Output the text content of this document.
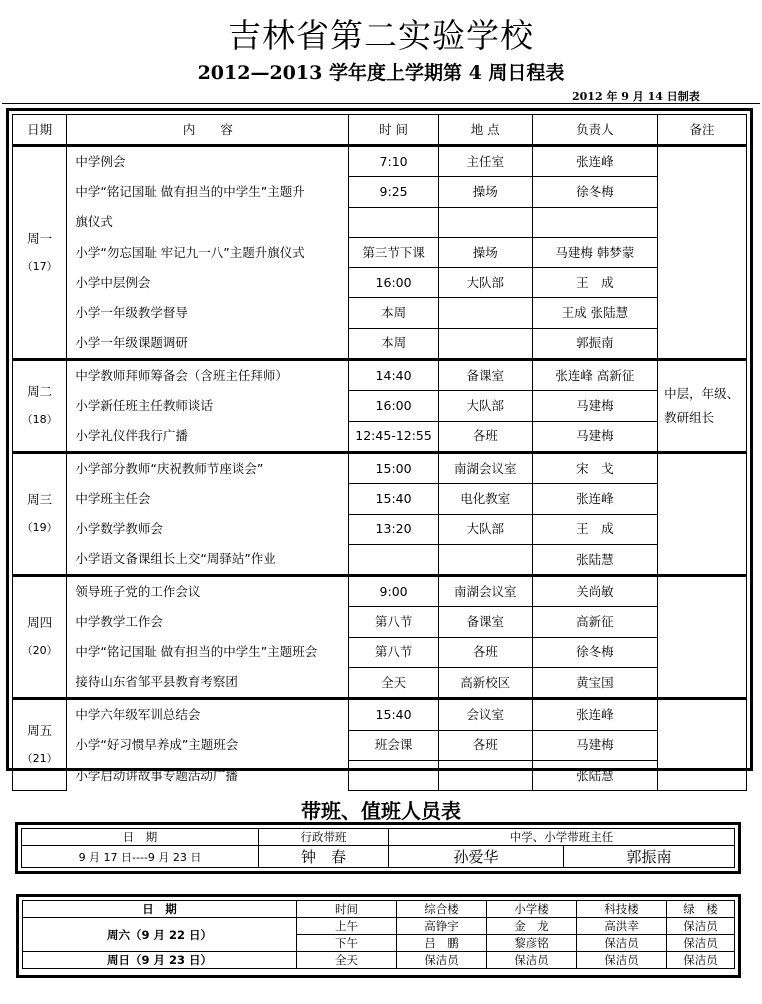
吉林省第二实验学校
2012—2013 学年度上学期第 4 周日程表
2012 年 9 月 14 日制表
日期	内　　容	时 间	地 点	负责人	备注

周一
（17）	中学例会	7:10	主任室	张连峰	
	中学“铭记国耻 做有担当的中学生”主题升	9:25	操场	徐冬梅	
	旗仪式				
	小学“勿忘国耻 牢记九一八”主题升旗仪式	第三节下课	操场	马建梅 韩梦蒙	
	小学中层例会	16:00	大队部	王　成	
	小学一年级教学督导	本周		王成 张陆慧	
	小学一年级课题调研	本周		郭振南	

周二
（18）	中学教师拜师筹备会（含班主任拜师）	14:40	备课室	张连峰 高新征	中层，年级、
教研组长

	小学新任班主任教师谈话	16:00	大队部	马建梅	
	小学礼仪伴我行广播	12:45-12:55	各班	马建梅	

周三
（19）	小学部分教师“庆祝教师节座谈会”	15:00	南湖会议室	宋　戈	
	中学班主任会	15:40	电化教室	张连峰	
	小学数学教师会	13:20	大队部	王　成	
	小学语文备课组长上交“周驿站”作业			张陆慧	

周四
（20）	领导班子党的工作会议	9:00	南湖会议室	关尚敏	
	中学教学工作会	第八节	备课室	高新征	
	中学“铭记国耻 做有担当的中学生”主题班会	第八节	各班	徐冬梅	
	接待山东省邹平县教育考察团	全天	高新校区	黄宝国	

周五
（21）	中学六年级军训总结会	15:40	会议室	张连峰	
	小学“好习惯早养成”主题班会	班会课	各班	马建梅	
	小学启动讲故事专题活动广播			张陆慧	
带班、值班人员表
日　期	行政带班	中学、小学带班主任	
9 月 17 日----9 月 23 日	钟　春	孙爱华	郭振南
日　期	时间	综合楼	小学楼	科技楼	绿　楼
周六（9 月 22 日）	上午	高铮宇	金　龙	高洪幸	保洁员
	下午	吕　鹏	黎彦铭	保洁员	保洁员
周日（9 月 23 日）	全天	保洁员	保洁员	保洁员	保洁员
